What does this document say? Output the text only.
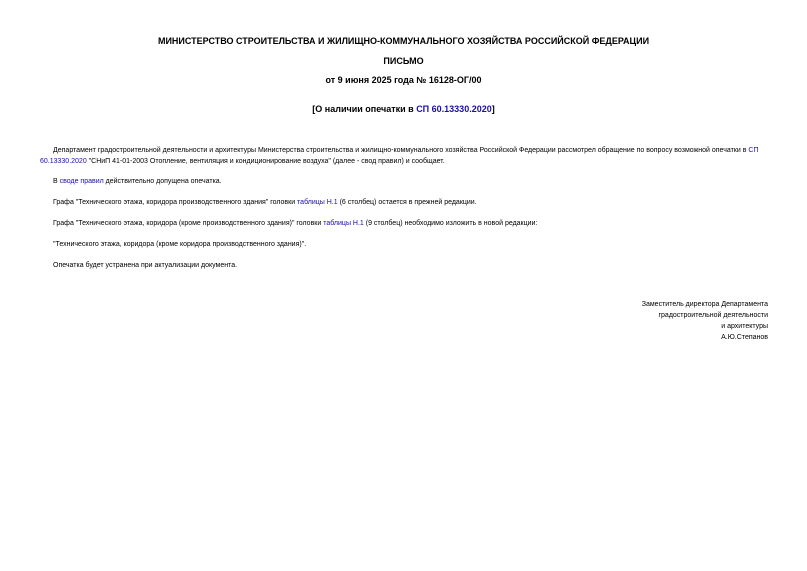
МИНИСТЕРСТВО СТРОИТЕЛЬСТВА И ЖИЛИЩНО-КОММУНАЛЬНОГО ХОЗЯЙСТВА РОССИЙСКОЙ ФЕДЕРАЦИИ
ПИСЬМО
от 9 июня 2025 года № 16128-ОГ/00
[О наличии опечатки в СП 60.13330.2020]

Департамент градостроительной деятельности и архитектуры Министерства строительства и жилищно-коммунального хозяйства Российской Федерации рассмотрел обращение по вопросу возможной опечатки в СП 60.13330.2020 "СНиП 41-01-2003 Отопление, вентиляция и кондиционирование воздуха" (далее - свод правил) и сообщает.

В своде правил действительно допущена опечатка.

Графа "Технического этажа, коридора производственного здания" головки таблицы Н.1 (6 столбец) остается в прежней редакции.

Графа "Технического этажа, коридора (кроме производственного здания)" головки таблицы Н.1 (9 столбец) необходимо изложить в новой редакции:

"Технического этажа, коридора (кроме коридора производственного здания)".

Опечатка будет устранена при актуализации документа.

Заместитель директора Департамента
градостроительной деятельности
и архитектуры
А.Ю.Степанов
